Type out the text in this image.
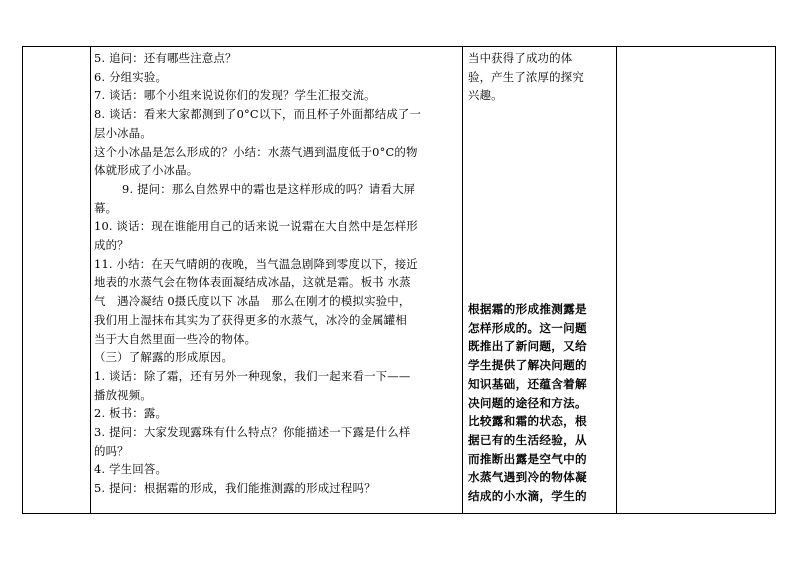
5. 追问：还有哪些注意点？
6. 分组实验。
7. 谈话：哪个小组来说说你们的发现？学生汇报交流。
8. 谈话：看来大家都测到了0°C以下，而且杯子外面都结成了一
层小冰晶。
这个小冰晶是怎么形成的？小结：水蒸气遇到温度低于0°C的物
体就形成了小冰晶。
9. 提问：那么自然界中的霜也是这样形成的吗？请看大屏
幕。
10. 谈话：现在谁能用自己的话来说一说霜在大自然中是怎样形
成的？
11. 小结：在天气晴朗的夜晚，当气温急剧降到零度以下，接近
地表的水蒸气会在物体表面凝结成冰晶，这就是霜。板书 水蒸
气　遇冷凝结 0摄氏度以下 冰晶　那么在刚才的模拟实验中，
我们用上湿抹布其实为了获得更多的水蒸气，冰冷的金属罐相
当于大自然里面一些冷的物体。
（三）了解露的形成原因。
1. 谈话：除了霜，还有另外一种现象，我们一起来看一下——
播放视频。
2. 板书：露。
3. 提问：大家发现露珠有什么特点？你能描述一下露是什么样
的吗？
4. 学生回答。
5. 提问：根据霜的形成，我们能推测露的形成过程吗？
当中获得了成功的体
验，产生了浓厚的探究
兴趣。
根据霜的形成推测露是
怎样形成的。这一问题
既推出了新问题，又给
学生提供了解决问题的
知识基础，还蕴含着解
决问题的途径和方法。
比较露和霜的状态，根
据已有的生活经验，从
而推断出露是空气中的
水蒸气遇到冷的物体凝
结成的小水滴，学生的
